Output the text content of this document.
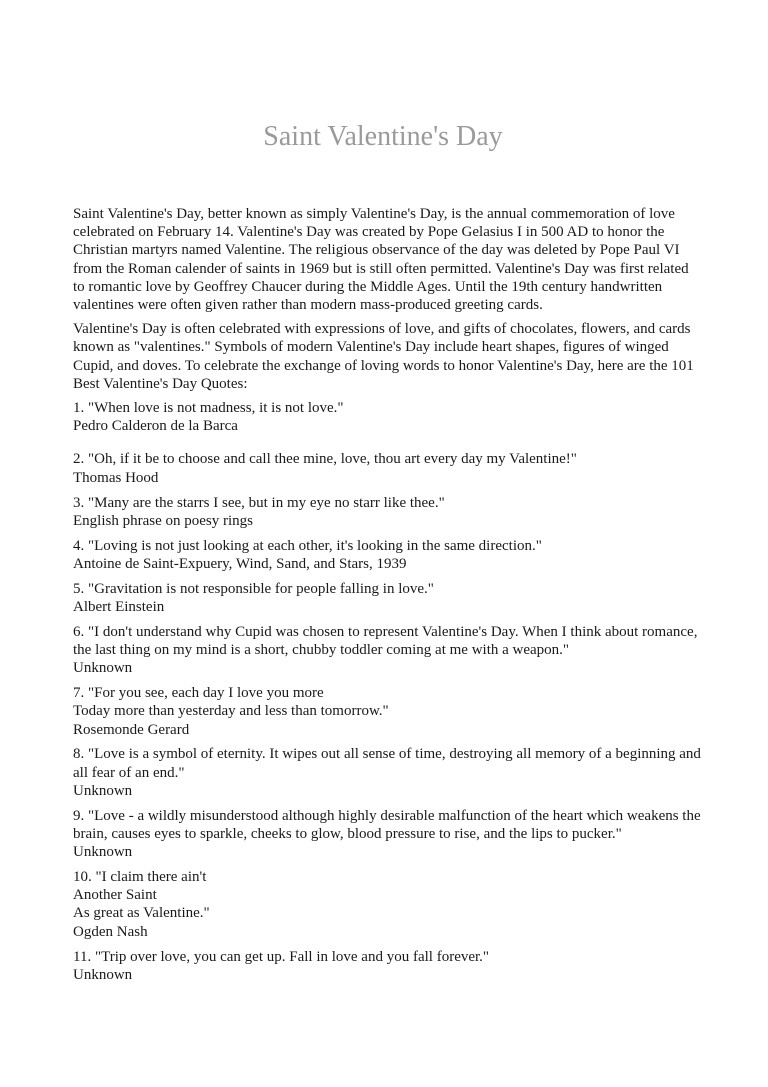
Saint Valentine's Day

Saint Valentine's Day, better known as simply Valentine's Day, is the annual commemoration of love celebrated on February 14. Valentine's Day was created by Pope Gelasius I in 500 AD to honor the Christian martyrs named Valentine. The religious observance of the day was deleted by Pope Paul VI from the Roman calender of saints in 1969 but is still often permitted. Valentine's Day was first related to romantic love by Geoffrey Chaucer during the Middle Ages. Until the 19th century handwritten valentines were often given rather than modern mass-produced greeting cards.

Valentine's Day is often celebrated with expressions of love, and gifts of chocolates, flowers, and cards known as "valentines." Symbols of modern Valentine's Day include heart shapes, figures of winged Cupid, and doves. To celebrate the exchange of loving words to honor Valentine's Day, here are the 101 Best Valentine's Day Quotes:

1. "When love is not madness, it is not love."
Pedro Calderon de la Barca
2. "Oh, if it be to choose and call thee mine, love, thou art every day my Valentine!"
Thomas Hood
3. "Many are the starrs I see, but in my eye no starr like thee."
English phrase on poesy rings
4. "Loving is not just looking at each other, it's looking in the same direction."
Antoine de Saint-Expuery, Wind, Sand, and Stars, 1939
5. "Gravitation is not responsible for people falling in love."
Albert Einstein
6. "I don't understand why Cupid was chosen to represent Valentine's Day. When I think about romance, the last thing on my mind is a short, chubby toddler coming at me with a weapon."
Unknown
7. "For you see, each day I love you more
Today more than yesterday and less than tomorrow."
Rosemonde Gerard
8. "Love is a symbol of eternity. It wipes out all sense of time, destroying all memory of a beginning and all fear of an end."
Unknown
9. "Love - a wildly misunderstood although highly desirable malfunction of the heart which weakens the brain, causes eyes to sparkle, cheeks to glow, blood pressure to rise, and the lips to pucker."
Unknown
10. "I claim there ain't
Another Saint
As great as Valentine."
Ogden Nash
11. "Trip over love, you can get up. Fall in love and you fall forever."
Unknown
